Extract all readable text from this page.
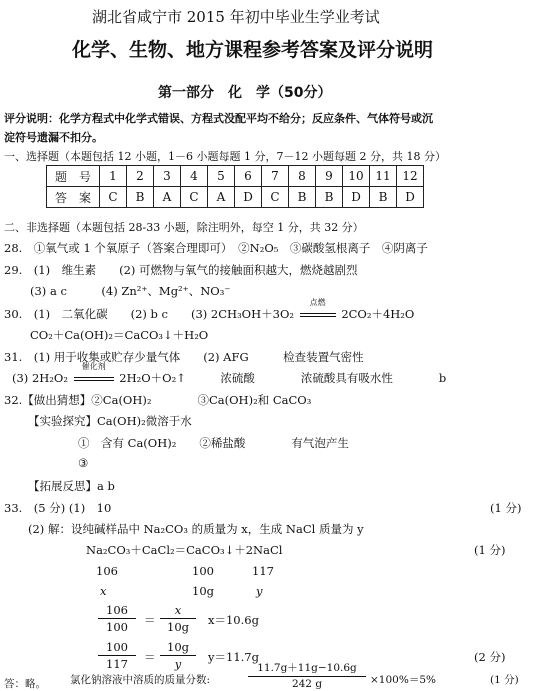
湖北省咸宁市 2015 年初中毕业生学业考试
化学、生物、地方课程参考答案及评分说明
第一部分　化　学（50分）
评分说明：化学方程式中化学式错误、方程式没配平均不给分；反应条件、气体符号或沉
淀符号遗漏不扣分。
一、选择题（本题包括 12 小题，1－6 小题每题 1 分，7－12 小题每题 2 分，共 18 分）
题　号	1	2	3	4	5	6	7	8	9	10	11	12
答　案	C	B	A	C	A	D	C	B	B	D	B	D
二、非选择题（本题包括 28-33 小题，除注明外，每空 1 分，共 32 分）
28.　①氧气或 1 个氧原子（答案合理即可）　②N₂O₅　③碳酸氢根离子　④阴离子
29.　(1)　维生素　　(2) 可燃物与氧气的接触面积越大，燃烧越剧烈
(3) a c　　　(4) Zn²⁺、Mg²⁺、NO₃⁻
30.　(1)　二氧化碳　　(2) b c　　(3) 2CH₃OH＋3O₂
点燃
2CO₂＋4H₂O
CO₂＋Ca(OH)₂＝CaCO₃↓＋H₂O
31.　(1) 用于收集或贮存少量气体　　(2) AFG　　　检查装置气密性
(3) 2H₂O₂
催化剂
2H₂O＋O₂↑　　　浓硫酸　　　　浓硫酸具有吸水性　　　　b
32.【做出猜想】②Ca(OH)₂　　　　③Ca(OH)₂和 CaCO₃
【实验探究】Ca(OH)₂微溶于水
①　含有 Ca(OH)₂　　②稀盐酸　　　　有气泡产生
③
【拓展反思】a b
33.　(5 分) (1)　10	(1 分)
(2) 解：设纯碱样品中 Na₂CO₃ 的质量为 x，生成 NaCl 质量为 y
Na₂CO₃＋CaCl₂＝CaCO₃↓＋2NaCl	(1 分)
106	100	117
x	10g	y
106
100	＝
x
10g	x＝10.6g
100
117	＝
10g
y	y＝11.7g	(2 分)
氯化钠溶液中溶质的质量分数:
11.7g＋11g−10.6g
242 g	×100%＝5%	(1 分)
答：略。
